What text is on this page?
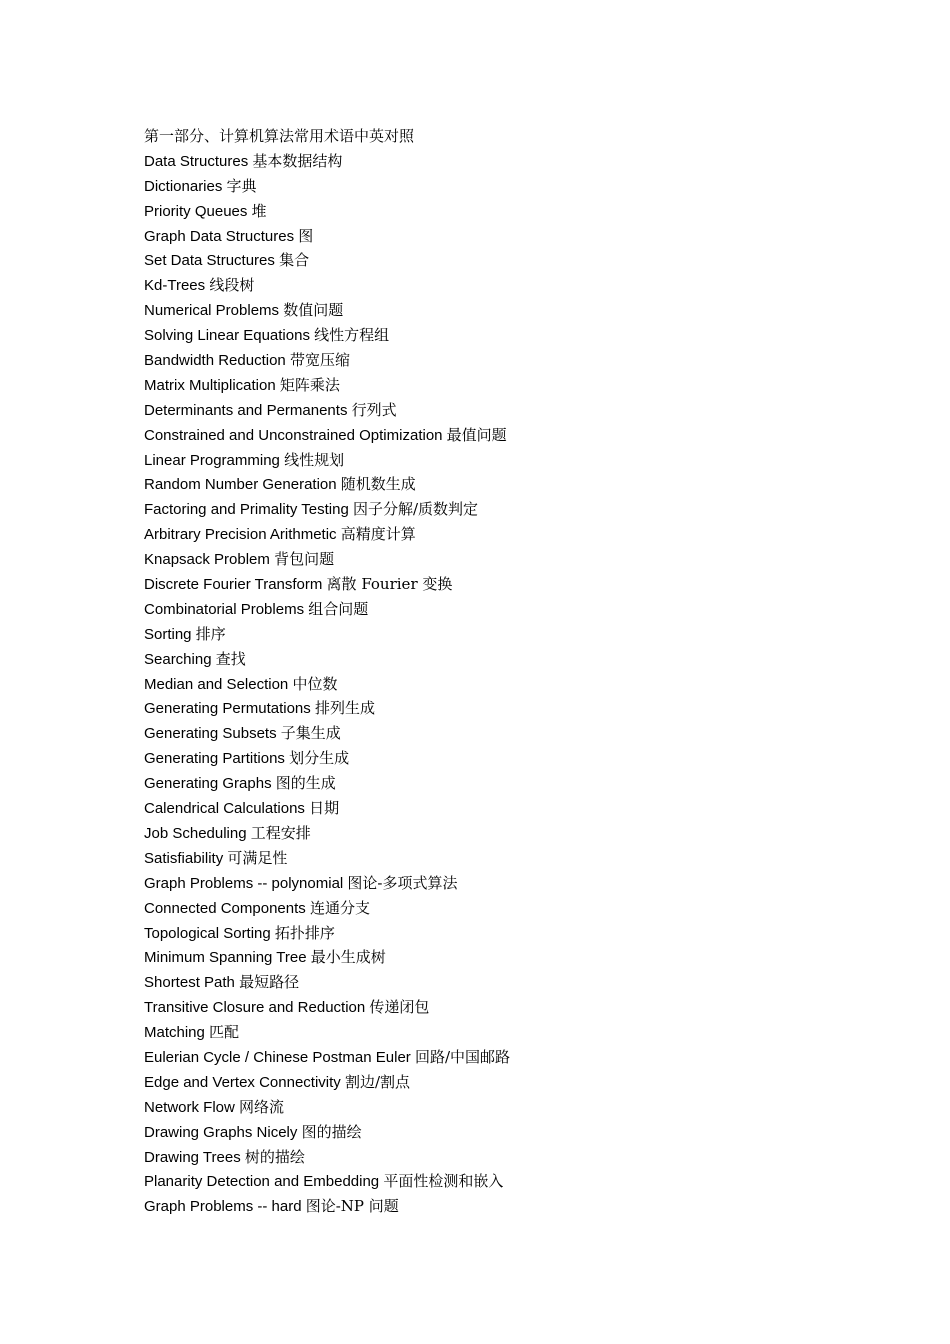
第一部分、计算机算法常用术语中英对照
Data Structures 基本数据结构
Dictionaries 字典
Priority Queues 堆
Graph Data Structures 图
Set Data Structures 集合
Kd-Trees 线段树
Numerical Problems 数值问题
Solving Linear Equations 线性方程组
Bandwidth Reduction 带宽压缩
Matrix Multiplication 矩阵乘法
Determinants and Permanents 行列式
Constrained and Unconstrained Optimization 最值问题
Linear Programming 线性规划
Random Number Generation 随机数生成
Factoring and Primality Testing 因子分解/质数判定
Arbitrary Precision Arithmetic 高精度计算
Knapsack Problem 背包问题
Discrete Fourier Transform 离散 Fourier 变换
Combinatorial Problems 组合问题
Sorting 排序
Searching 查找
Median and Selection 中位数
Generating Permutations 排列生成
Generating Subsets 子集生成
Generating Partitions 划分生成
Generating Graphs 图的生成
Calendrical Calculations 日期
Job Scheduling 工程安排
Satisfiability 可满足性
Graph Problems -- polynomial 图论-多项式算法
Connected Components 连通分支
Topological Sorting 拓扑排序
Minimum Spanning Tree 最小生成树
Shortest Path 最短路径
Transitive Closure and Reduction 传递闭包
Matching 匹配
Eulerian Cycle / Chinese Postman Euler 回路/中国邮路
Edge and Vertex Connectivity 割边/割点
Network Flow 网络流
Drawing Graphs Nicely 图的描绘
Drawing Trees 树的描绘
Planarity Detection and Embedding 平面性检测和嵌入
Graph Problems -- hard 图论-NP 问题
